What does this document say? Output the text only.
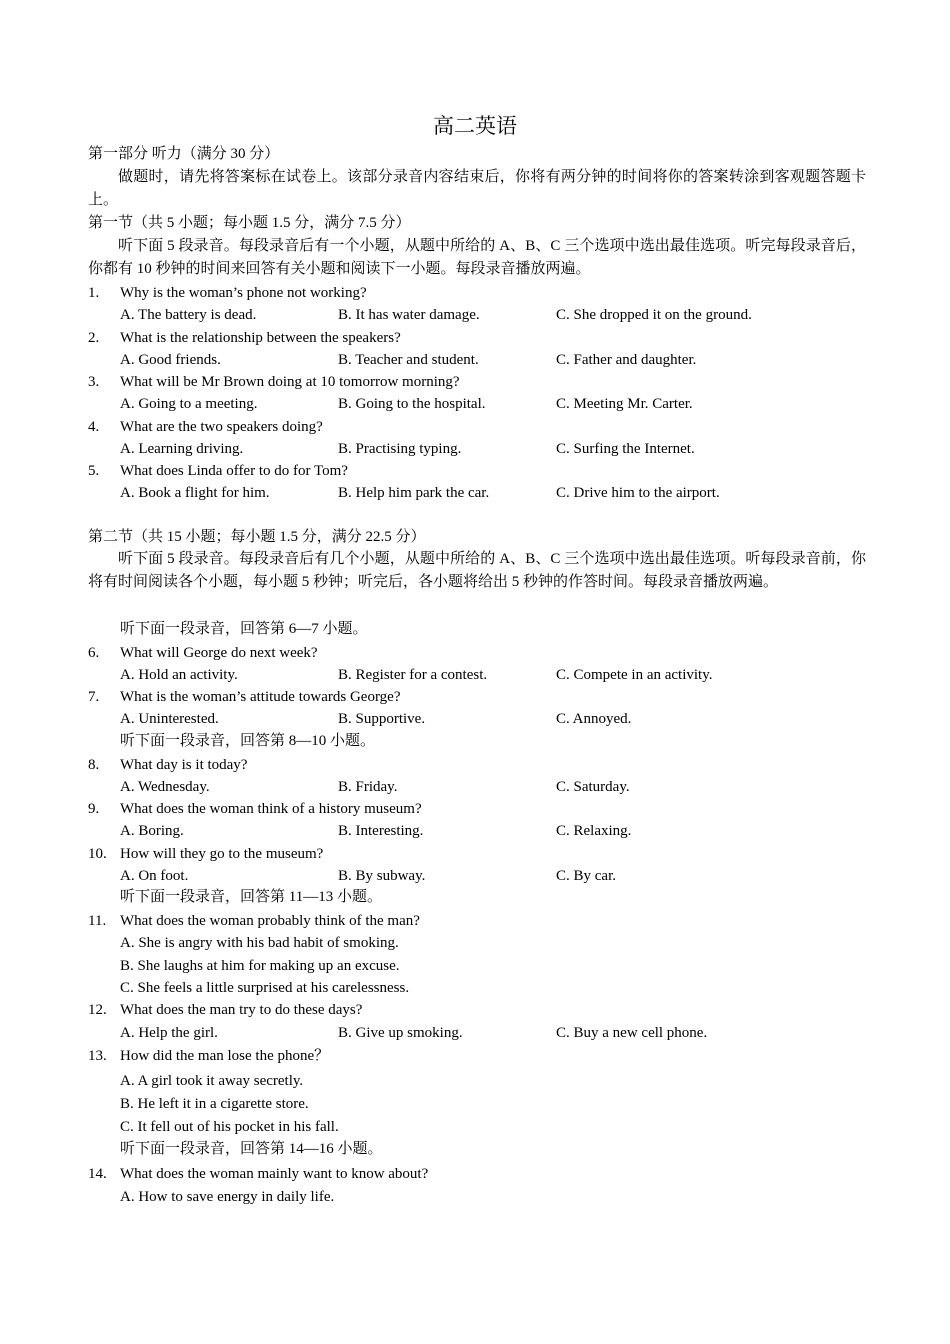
高二英语
第一部分 听力（满分 30 分）
做题时，请先将答案标在试卷上。该部分录音内容结束后，你将有两分钟的时间将你的答案转涂到客观题答题卡上。
第一节（共 5 小题；每小题 1.5 分，满分 7.5 分）
听下面 5 段录音。每段录音后有一个小题，从题中所给的 A、B、C 三个选项中选出最佳选项。听完每段录音后，你都有 10 秒钟的时间来回答有关小题和阅读下一小题。每段录音播放两遍。
1. Why is the woman’s phone not working?
A. The battery is dead.	B. It has water damage.	C. She dropped it on the ground.
2. What is the relationship between the speakers?
A. Good friends.	B. Teacher and student.	C. Father and daughter.
3. What will be Mr Brown doing at 10 tomorrow morning?
A. Going to a meeting.	B. Going to the hospital.	C. Meeting Mr. Carter.
4. What are the two speakers doing?
A. Learning driving.	B. Practising typing.	C. Surfing the Internet.
5. What does Linda offer to do for Tom?
A. Book a flight for him.	B. Help him park the car.	C. Drive him to the airport.
第二节（共 15 小题；每小题 1.5 分，满分 22.5 分）
听下面 5 段录音。每段录音后有几个小题，从题中所给的 A、B、C 三个选项中选出最佳选项。听每段录音前，你将有时间阅读各个小题，每小题 5 秒钟；听完后，各小题将给出 5 秒钟的作答时间。每段录音播放两遍。
听下面一段录音，回答第 6—7 小题。
6. What will George do next week?
A. Hold an activity.	B. Register for a contest.	C. Compete in an activity.
7. What is the woman’s attitude towards George?
A. Uninterested.	B. Supportive.	C. Annoyed.
听下面一段录音，回答第 8—10 小题。
8. What day is it today?
A. Wednesday.	B. Friday.	C. Saturday.
9. What does the woman think of a history museum?
A. Boring.	B. Interesting.	C. Relaxing.
10. How will they go to the museum?
A. On foot.	B. By subway.	C. By car.
听下面一段录音，回答第 11—13 小题。
11. What does the woman probably think of the man?
A. She is angry with his bad habit of smoking.
B. She laughs at him for making up an excuse.
C. She feels a little surprised at his carelessness.
12. What does the man try to do these days?
A. Help the girl.	B. Give up smoking.	C. Buy a new cell phone.
13. How did the man lose the phone？
A. A girl took it away secretly.
B. He left it in a cigarette store.
C. It fell out of his pocket in his fall.
听下面一段录音，回答第 14—16 小题。
14. What does the woman mainly want to know about?
A. How to save energy in daily life.
